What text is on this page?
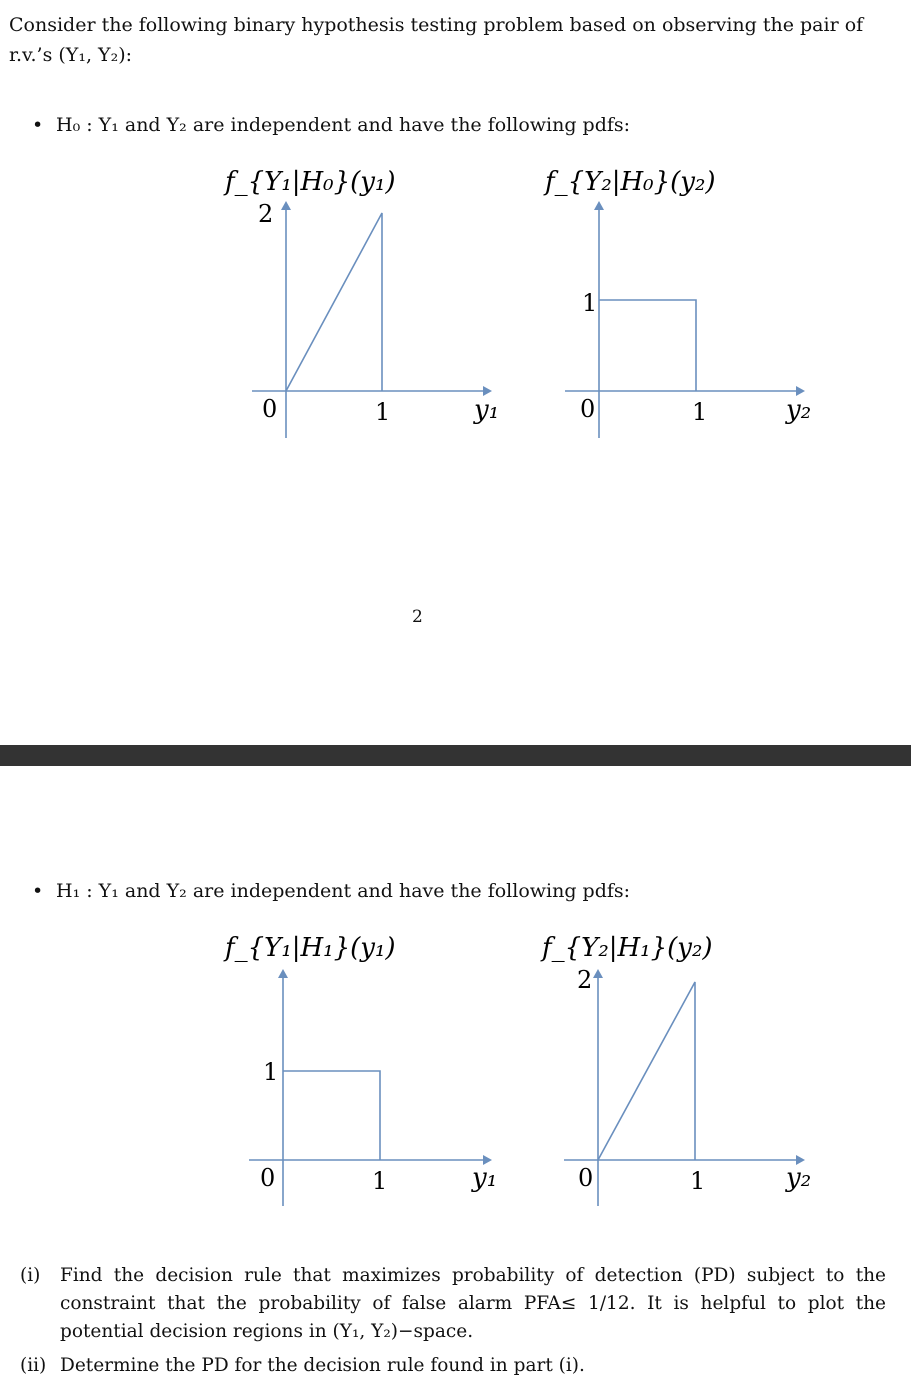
Consider the following binary hypothesis testing problem based on observing the pair of r.v.’s (Y₁, Y₂):
• H₀ : Y₁ and Y₂ are independent and have the following pdfs:
f_{Y₁|H₀}(y₁)
2
0	1	y₁
f_{Y₂|H₀}(y₂)
1
0	1	y₂
2
• H₁ : Y₁ and Y₂ are independent and have the following pdfs:
f_{Y₁|H₁}(y₁)
1
0	1	y₁
f_{Y₂|H₁}(y₂)
2
0	1	y₂
(i) Find the decision rule that maximizes probability of detection (PD) subject to the constraint that the probability of false alarm PFA≤ 1/12. It is helpful to plot the potential decision regions in (Y₁, Y₂)−space.
(ii) Determine the PD for the decision rule found in part (i).
